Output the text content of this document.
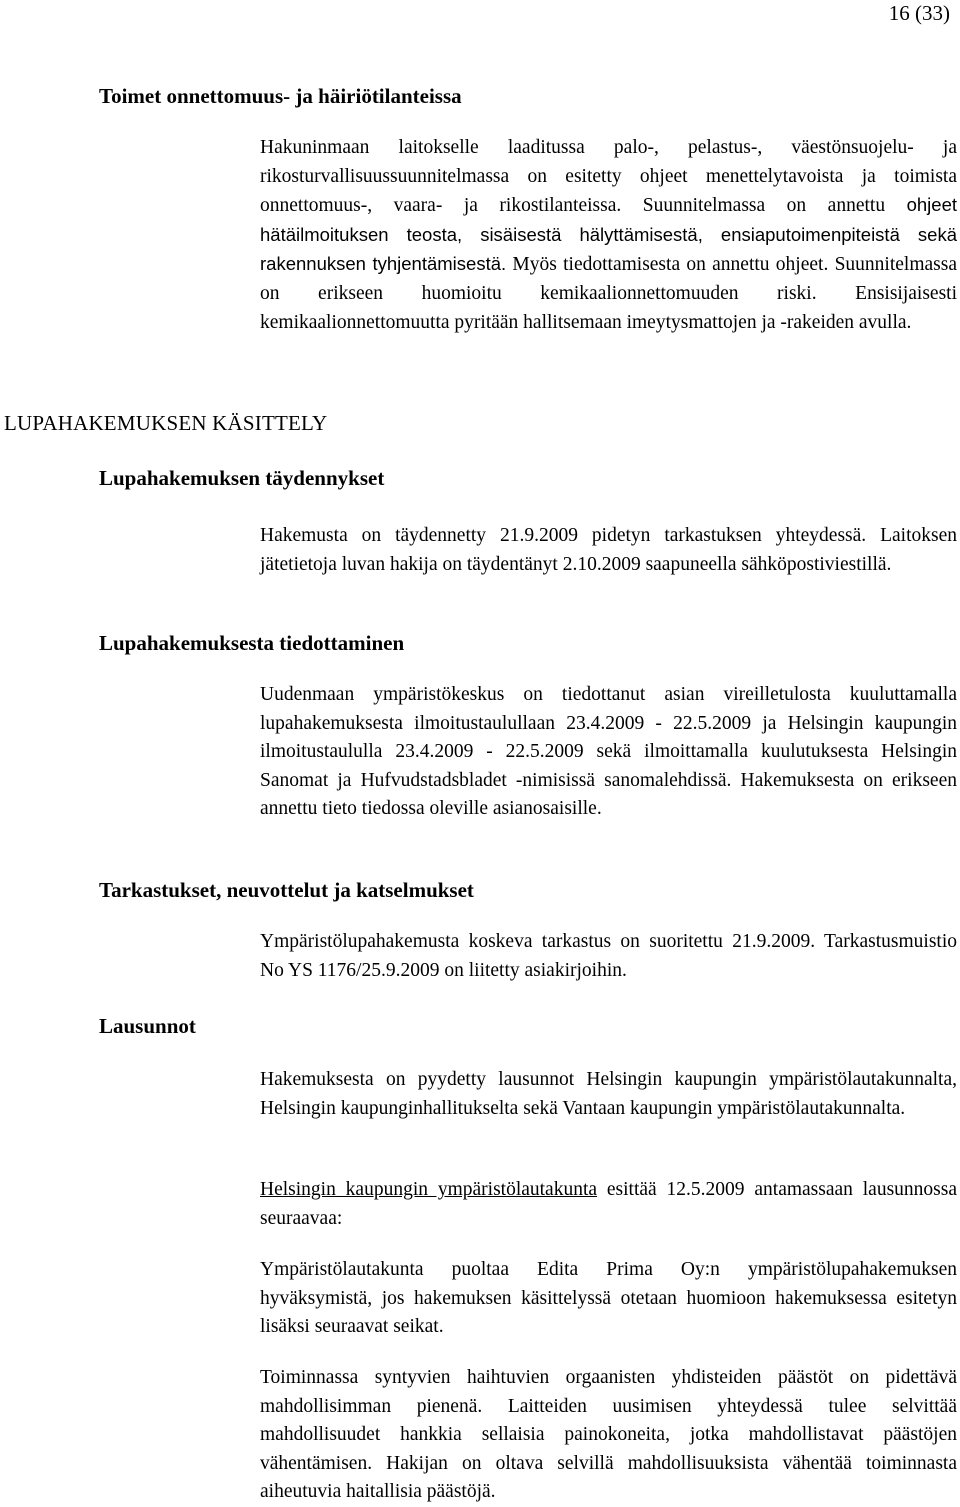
16 (33)
Toimet onnettomuus- ja häiriötilanteissa

Hakuninmaan laitokselle laaditussa palo-, pelastus-, väestönsuojelu- ja rikosturvallisuussuunnitelmassa on esitetty ohjeet menettelytavoista ja toimista onnettomuus-, vaara- ja rikostilanteissa. Suunnitelmassa on annettu ohjeet hätäilmoituksen teosta, sisäisestä hälyttämisestä, ensiaputoimenpiteistä sekä rakennuksen tyhjentämisestä. Myös tiedottamisesta on annettu ohjeet. Suunnitelmassa on erikseen huomioitu kemikaalionnettomuuden riski. Ensisijaisesti kemikaalionnettomuutta pyritään hallitsemaan imeytysmattojen ja -rakeiden avulla.

LUPAHAKEMUKSEN KÄSITTELY
Lupahakemuksen täydennykset

Hakemusta on täydennetty 21.9.2009 pidetyn tarkastuksen yhteydessä. Laitoksen jätetietoja luvan hakija on täydentänyt 2.10.2009 saapuneella sähköpostiviestillä.

Lupahakemuksesta tiedottaminen

Uudenmaan ympäristökeskus on tiedottanut asian vireilletulosta kuuluttamalla lupahakemuksesta ilmoitustaulullaan 23.4.2009 - 22.5.2009 ja Helsingin kaupungin ilmoitustaululla 23.4.2009 - 22.5.2009 sekä ilmoittamalla kuulutuksesta Helsingin Sanomat ja Hufvudstadsbladet -nimisissä sanomalehdissä. Hakemuksesta on erikseen annettu tieto tiedossa oleville asianosaisille.

Tarkastukset, neuvottelut ja katselmukset

Ympäristölupahakemusta koskeva tarkastus on suoritettu 21.9.2009. Tarkastusmuistio No YS 1176/25.9.2009 on liitetty asiakirjoihin.

Lausunnot

Hakemuksesta on pyydetty lausunnot Helsingin kaupungin ympäristölautakunnalta, Helsingin kaupunginhallitukselta sekä Vantaan kaupungin ympäristölautakunnalta.

Helsingin kaupungin ympäristölautakunta esittää 12.5.2009 antamassaan lausunnossa seuraavaa:

Ympäristölautakunta puoltaa Edita Prima Oy:n ympäristölupahakemuksen hyväksymistä, jos hakemuksen käsittelyssä otetaan huomioon hakemuksessa esitetyn lisäksi seuraavat seikat.

Toiminnassa syntyvien haihtuvien orgaanisten yhdisteiden päästöt on pidettävä mahdollisimman pienenä. Laitteiden uusimisen yhteydessä tulee selvittää mahdollisuudet hankkia sellaisia painokoneita, jotka mahdollistavat päästöjen vähentämisen. Hakijan on oltava selvillä mahdollisuuksista vähentää toiminnasta aiheutuvia haitallisia päästöjä.
